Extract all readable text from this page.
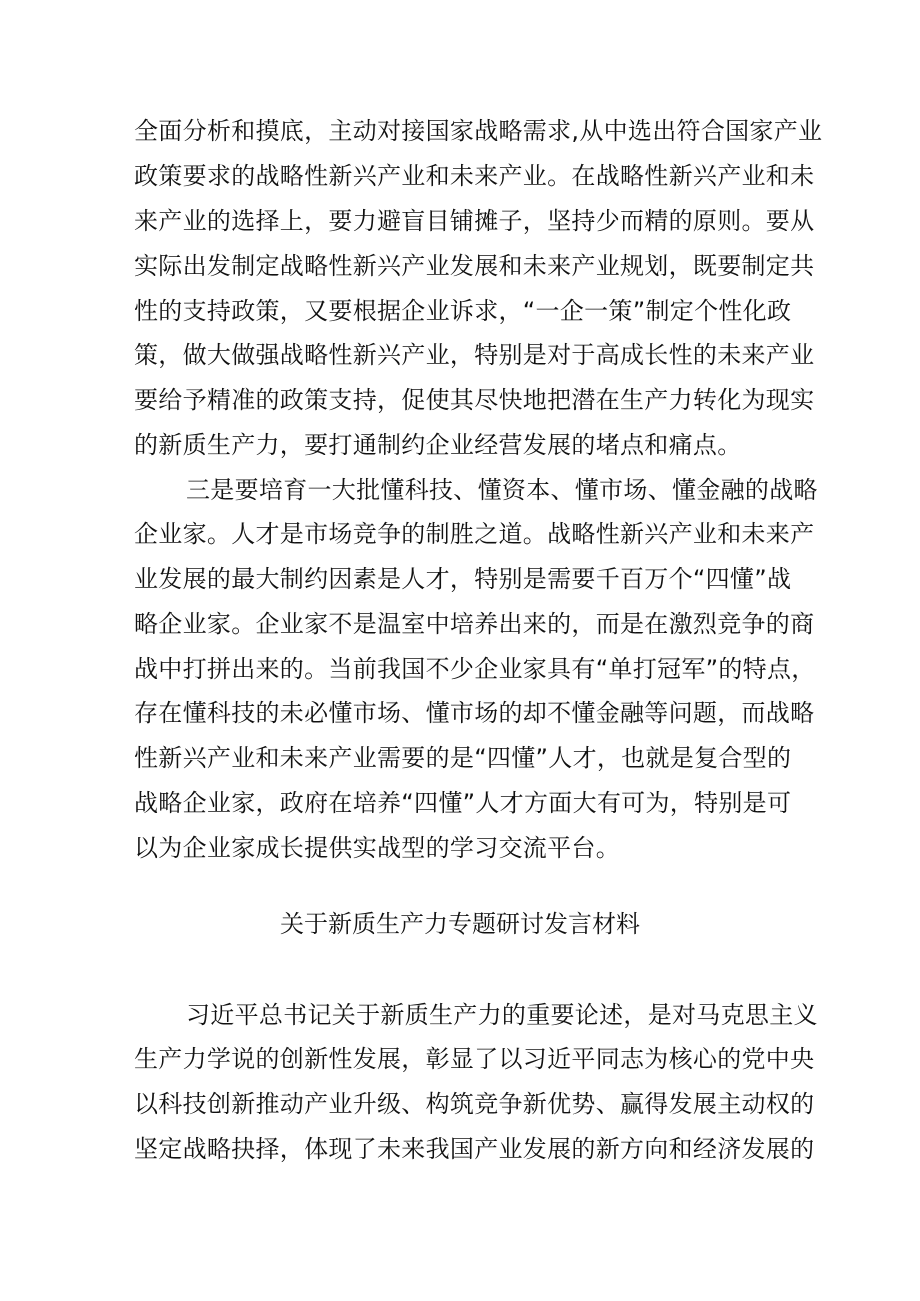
全面分析和摸底，主动对接国家战略需求,从中选出符合国家产业
政策要求的战略性新兴产业和未来产业。在战略性新兴产业和未
来产业的选择上，要力避盲目铺摊子，坚持少而精的原则。要从
实际出发制定战略性新兴产业发展和未来产业规划，既要制定共
性的支持政策，又要根据企业诉求，“一企一策”制定个性化政
策，做大做强战略性新兴产业，特别是对于高成长性的未来产业
要给予精准的政策支持，促使其尽快地把潜在生产力转化为现实
的新质生产力，要打通制约企业经营发展的堵点和痛点。
三是要培育一大批懂科技、懂资本、懂市场、懂金融的战略
企业家。人才是市场竞争的制胜之道。战略性新兴产业和未来产
业发展的最大制约因素是人才，特别是需要千百万个“四懂”战
略企业家。企业家不是温室中培养出来的，而是在激烈竞争的商
战中打拼出来的。当前我国不少企业家具有“单打冠军”的特点，
存在懂科技的未必懂市场、懂市场的却不懂金融等问题，而战略
性新兴产业和未来产业需要的是“四懂”人才，也就是复合型的
战略企业家，政府在培养“四懂”人才方面大有可为，特别是可
以为企业家成长提供实战型的学习交流平台。
关于新质生产力专题研讨发言材料
习近平总书记关于新质生产力的重要论述，是对马克思主义
生产力学说的创新性发展，彰显了以习近平同志为核心的党中央
以科技创新推动产业升级、构筑竞争新优势、赢得发展主动权的
坚定战略抉择，体现了未来我国产业发展的新方向和经济发展的
